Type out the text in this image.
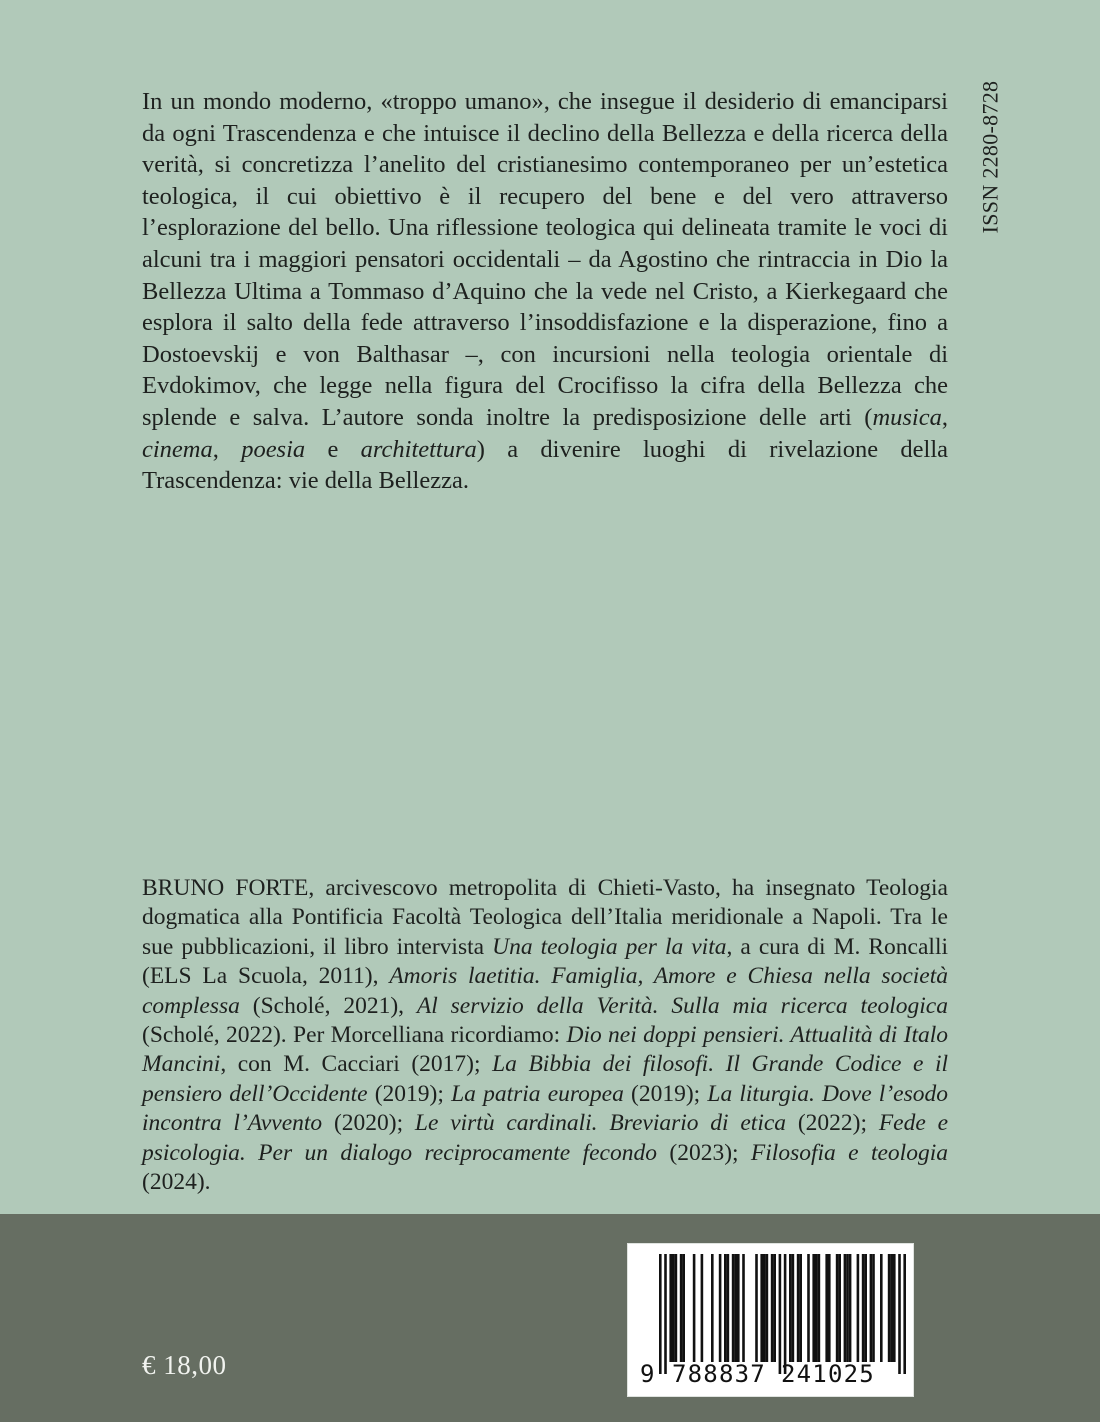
ISSN 2280-8728

In un mondo moderno, «troppo umano», che insegue il desiderio di emanciparsi da ogni Trascendenza e che intuisce il declino della Bellezza e della ricerca della verità, si concretizza l’anelito del cristianesimo contemporaneo per un’estetica teologica, il cui obiettivo è il recupero del bene e del vero attraverso l’esplorazione del bello. Una riflessione teologica qui delineata tramite le voci di alcuni tra i maggiori pensatori occidentali – da Agostino che rintraccia in Dio la Bellezza Ultima a Tommaso d’Aquino che la vede nel Cristo, a Kierkegaard che esplora il salto della fede attraverso l’insoddisfazione e la disperazione, fino a Dostoevskij e von Balthasar –, con incursioni nella teologia orientale di Evdokimov, che legge nella figura del Crocifisso la cifra della Bellezza che splende e salva. L’autore sonda inoltre la predisposizione delle arti (musica, cinema, poesia e architettura) a divenire luoghi di rivelazione della Trascendenza: vie della Bellezza.

BRUNO FORTE, arcivescovo metropolita di Chieti-Vasto, ha insegnato Teologia dogmatica alla Pontificia Facoltà Teologica dell’Italia meridionale a Napoli. Tra le sue pubblicazioni, il libro intervista Una teologia per la vita, a cura di M. Roncalli (ELS La Scuola, 2011), Amoris laetitia. Famiglia, Amore e Chiesa nella società complessa (Scholé, 2021), Al servizio della Verità. Sulla mia ricerca teologica (Scholé, 2022). Per Morcelliana ricordiamo: Dio nei doppi pensieri. Attualità di Italo Mancini, con M. Cacciari (2017); La Bibbia dei filosofi. Il Grande Codice e il pensiero dell’Occidente (2019); La patria europea (2019); La liturgia. Dove l’esodo incontra l’Avvento (2020); Le virtù cardinali. Breviario di etica (2022); Fede e psicologia. Per un dialogo reciprocamente fecondo (2023); Filosofia e teologia (2024).

€ 18,00	9 788837 241025
